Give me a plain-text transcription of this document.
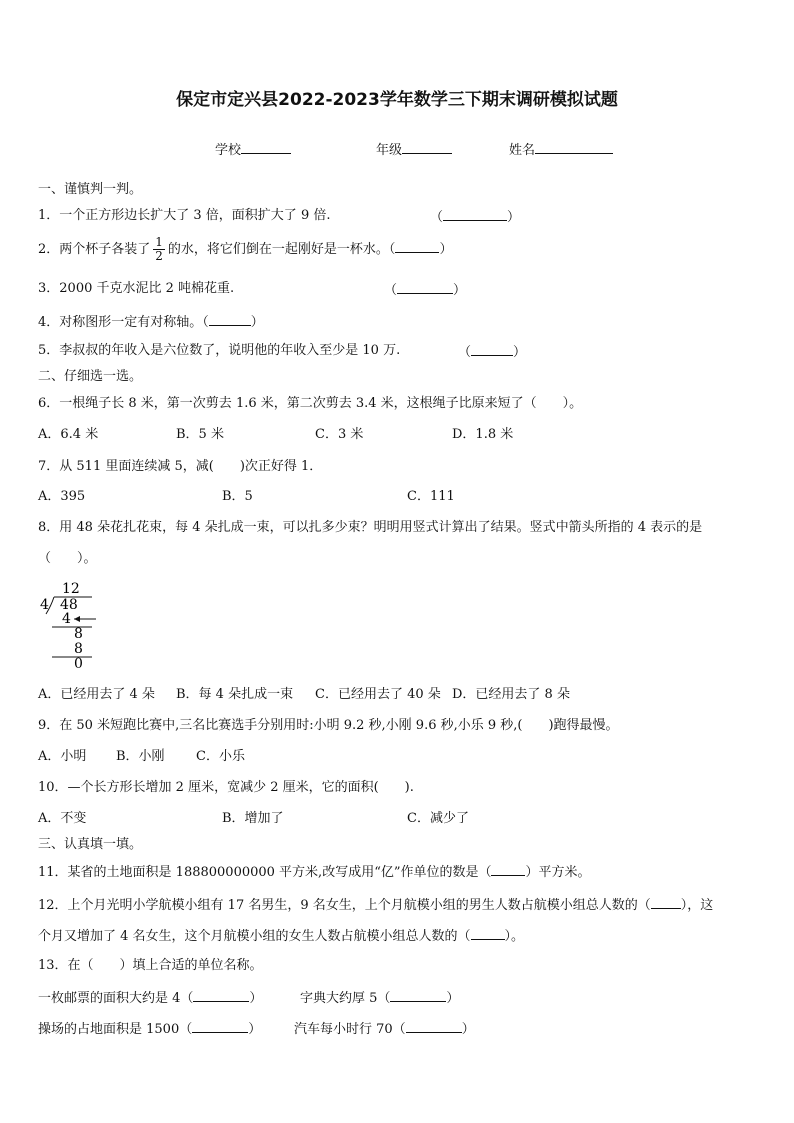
保定市定兴县2022-2023学年数学三下期末调研模拟试题
学校	年级	姓名
一、谨慎判一判。
1．一个正方形边长扩大了 3 倍，面积扩大了 9 倍.	（	）
2．两个杯子各装了 $\frac{1}{2}$ 的水，将它们倒在一起刚好是一杯水。（	）
3．2000 千克水泥比 2 吨棉花重.	（	）
4．对称图形一定有对称轴。（	）
5．李叔叔的年收入是六位数了，说明他的年收入至少是 10 万.	（	）
二、仔细选一选。
6．一根绳子长 8 米，第一次剪去 1.6 米，第二次剪去 3.4 米，这根绳子比原来短了（　　）。
A．6.4 米	B．5 米	C．3 米	D．1.8 米
7．从 511 里面连续减 5，减(　　)次正好得 1．
A．395	B．5	C．111
8．用 48 朵花扎花束，每 4 朵扎成一束，可以扎多少束？明明用竖式计算出了结果。竖式中箭头所指的 4 表示的是
（　　）。
12
4 48
4
8
8
0
A．已经用去了 4 朵 B．每 4 朵扎成一束 C．已经用去了 40 朵 D．已经用去了 8 朵
9．在 50 米短跑比赛中,三名比赛选手分别用时:小明 9.2 秒,小刚 9.6 秒,小乐 9 秒,(　　)跑得最慢。
A．小明 B．小刚 C．小乐
10．—个长方形长增加 2 厘米，宽减少 2 厘米，它的面积(　　).
A．不变	B．增加了	C．减少了
三、认真填一填。
11．某省的土地面积是 188800000000 平方米,改写成用“亿”作单位的数是（	）平方米。
12．上个月光明小学航模小组有 17 名男生，9 名女生，上个月航模小组的男生人数占航模小组总人数的（ ），这
个月又增加了 4 名女生，这个月航模小组的女生人数占航模小组总人数的（	）。
13．在（　　）填上合适的单位名称。
一枚邮票的面积大约是 4（	）	字典大约厚 5（	）
操场的占地面积是 1500（	）	汽车每小时行 70（	）
